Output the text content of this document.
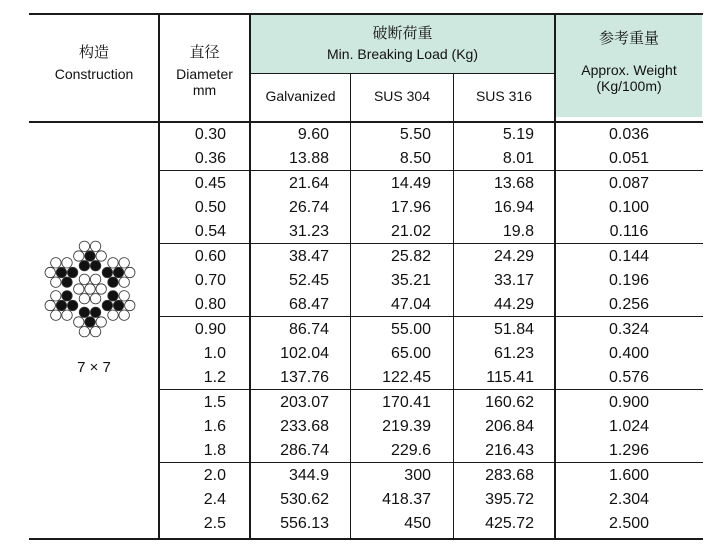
构造
Construction
直径
Diameter
mm
破断荷重
Min. Breaking Load (Kg)
Galvanized	SUS 304	SUS 316
参考重量
Approx. Weight
(Kg/100m)
7 × 7
0.30	9.60	5.50	5.19	0.036
0.36	13.88	8.50	8.01	0.051
0.45	21.64	14.49	13.68	0.087
0.50	26.74	17.96	16.94	0.100
0.54	31.23	21.02	19.8	0.116
0.60	38.47	25.82	24.29	0.144
0.70	52.45	35.21	33.17	0.196
0.80	68.47	47.04	44.29	0.256
0.90	86.74	55.00	51.84	0.324
1.0	102.04	65.00	61.23	0.400
1.2	137.76	122.45	115.41	0.576
1.5	203.07	170.41	160.62	0.900
1.6	233.68	219.39	206.84	1.024
1.8	286.74	229.6	216.43	1.296
2.0	344.9	300	283.68	1.600
2.4	530.62	418.37	395.72	2.304
2.5	556.13	450	425.72	2.500
